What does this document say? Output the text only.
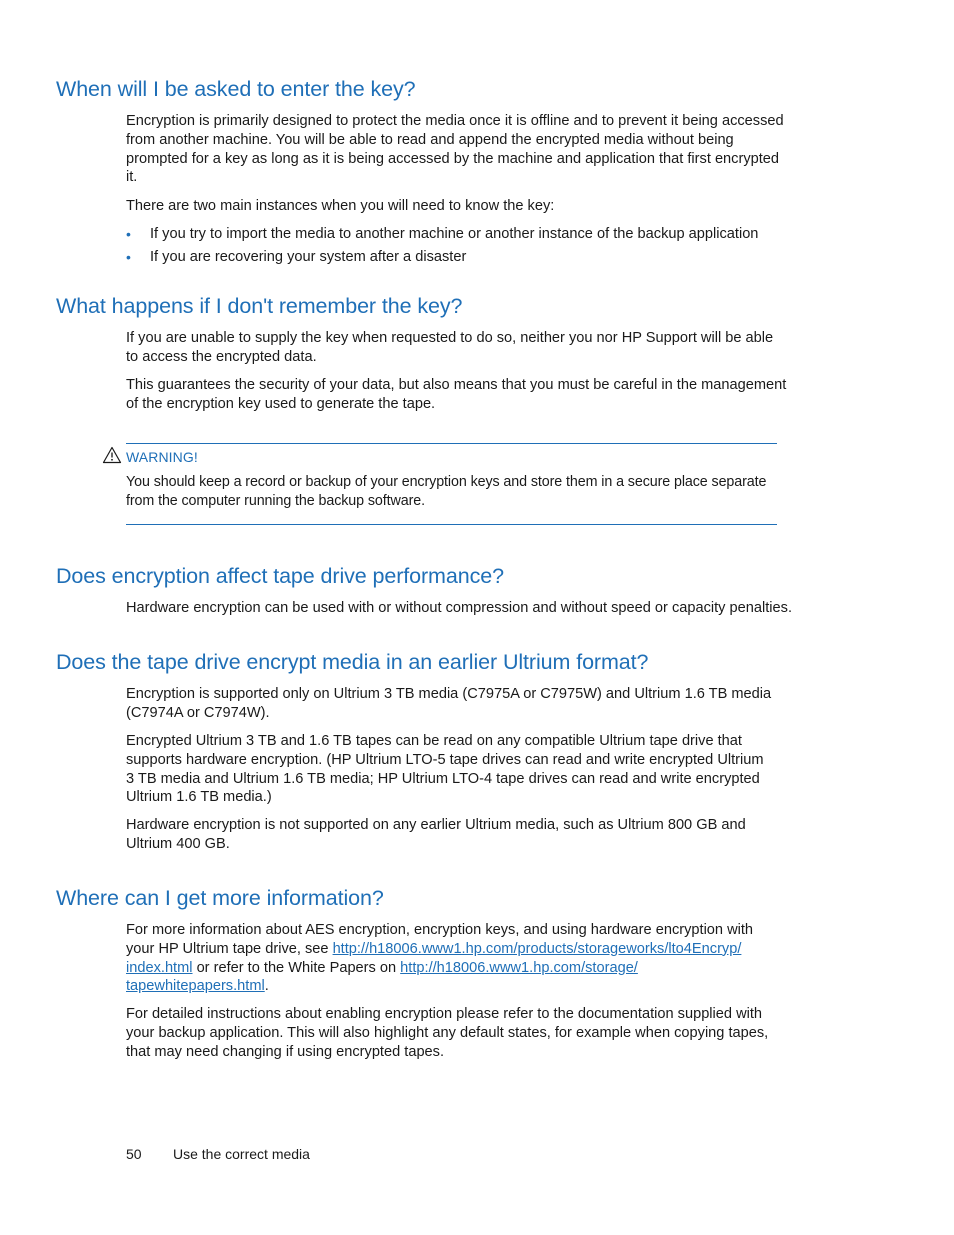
When will I be asked to enter the key?
Encryption is primarily designed to protect the media once it is offline and to prevent it being accessed
from another machine. You will be able to read and append the encrypted media without being
prompted for a key as long as it is being accessed by the machine and application that first encrypted
it.
There are two main instances when you will need to know the key:
• If you try to import the media to another machine or another instance of the backup application
• If you are recovering your system after a disaster
What happens if I don't remember the key?
If you are unable to supply the key when requested to do so, neither you nor HP Support will be able
to access the encrypted data.
This guarantees the security of your data, but also means that you must be careful in the management
of the encryption key used to generate the tape.
WARNING!
You should keep a record or backup of your encryption keys and store them in a secure place separate
from the computer running the backup software.
Does encryption affect tape drive performance?
Hardware encryption can be used with or without compression and without speed or capacity penalties.
Does the tape drive encrypt media in an earlier Ultrium format?
Encryption is supported only on Ultrium 3 TB media (C7975A or C7975W) and Ultrium 1.6 TB media
(C7974A or C7974W).
Encrypted Ultrium 3 TB and 1.6 TB tapes can be read on any compatible Ultrium tape drive that
supports hardware encryption. (HP Ultrium LTO-5 tape drives can read and write encrypted Ultrium
3 TB media and Ultrium 1.6 TB media; HP Ultrium LTO-4 tape drives can read and write encrypted
Ultrium 1.6 TB media.)
Hardware encryption is not supported on any earlier Ultrium media, such as Ultrium 800 GB and
Ultrium 400 GB.
Where can I get more information?
For more information about AES encryption, encryption keys, and using hardware encryption with
your HP Ultrium tape drive, see http://h18006.www1.hp.com/products/storageworks/lto4Encryp/
index.html or refer to the White Papers on http://h18006.www1.hp.com/storage/
tapewhitepapers.html.
For detailed instructions about enabling encryption please refer to the documentation supplied with
your backup application. This will also highlight any default states, for example when copying tapes,
that may need changing if using encrypted tapes.
50 Use the correct media
